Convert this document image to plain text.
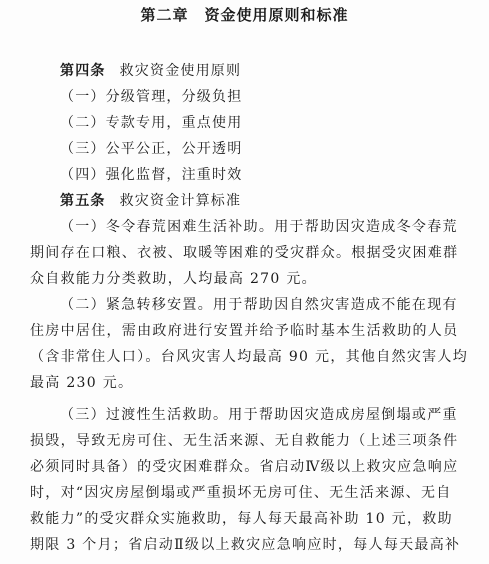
第二章　资金使用原则和标准
第四条 救灾资金使用原则
（一）分级管理，分级负担
（二）专款专用，重点使用
（三）公平公正，公开透明
（四）强化监督，注重时效
第五条 救灾资金计算标准
（一）冬令春荒困难生活补助。用于帮助因灾造成冬令春荒
期间存在口粮、衣被、取暖等困难的受灾群众。根据受灾困难群
众自救能力分类救助，人均最高 270 元。
（二）紧急转移安置。用于帮助因自然灾害造成不能在现有
住房中居住，需由政府进行安置并给予临时基本生活救助的人员
（含非常住人口）。台风灾害人均最高 90 元，其他自然灾害人均
最高 230 元。
（三）过渡性生活救助。用于帮助因灾造成房屋倒塌或严重
损毁，导致无房可住、无生活来源、无自救能力（上述三项条件
必须同时具备）的受灾困难群众。省启动Ⅳ级以上救灾应急响应
时，对“因灾房屋倒塌或严重损坏无房可住、无生活来源、无自
救能力”的受灾群众实施救助，每人每天最高补助 10 元，救助
期限 3 个月；省启动Ⅱ级以上救灾应急响应时，每人每天最高补
